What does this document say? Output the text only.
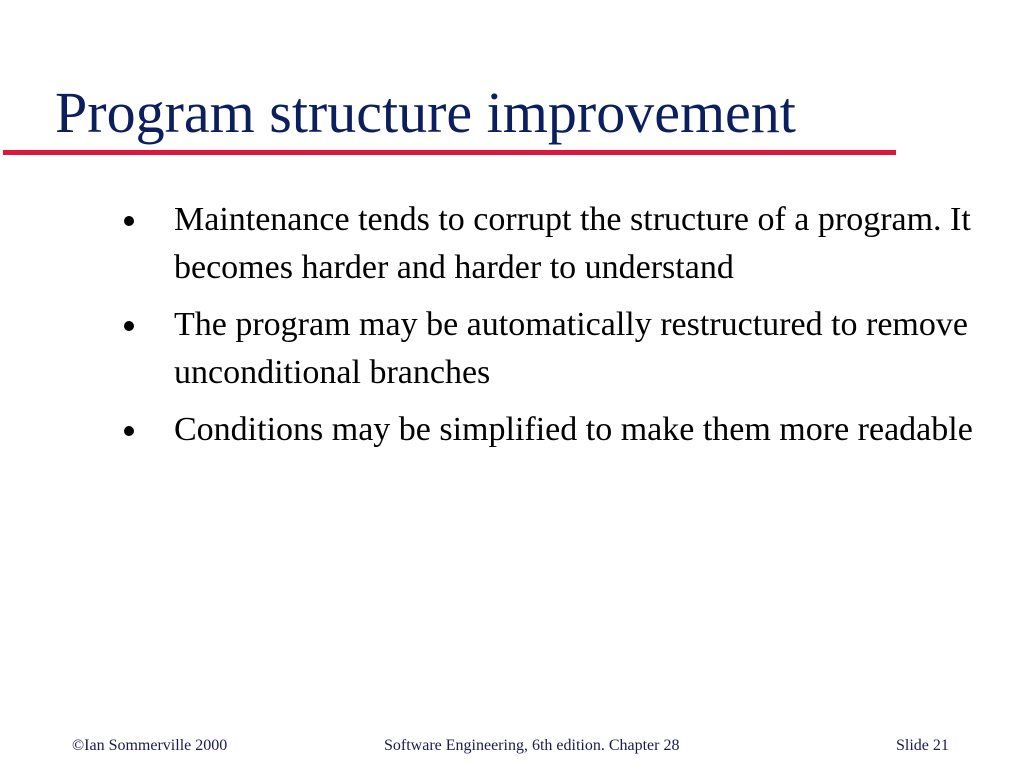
Program structure improvement
Maintenance tends to corrupt the structure of a program. It becomes harder and harder to understand
The program may be automatically restructured to remove unconditional branches
Conditions may be simplified to make them more readable
©Ian Sommerville 2000	Software Engineering, 6th edition. Chapter 28	Slide 21
